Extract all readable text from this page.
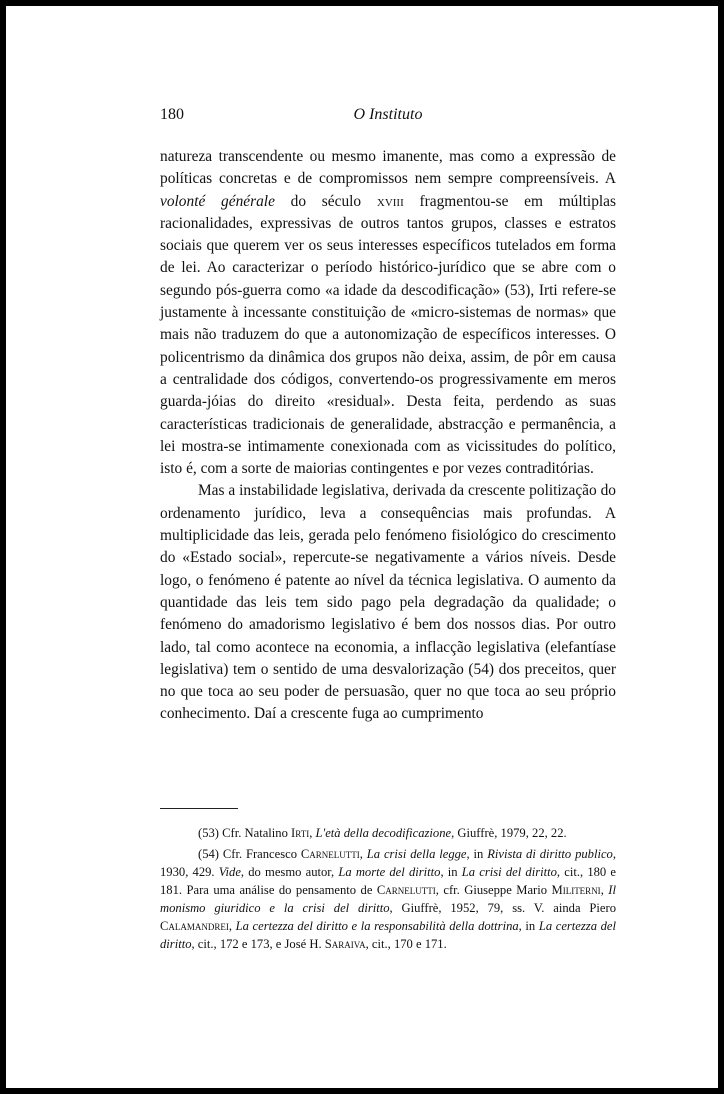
180	O Instituto

natureza transcendente ou mesmo imanente, mas como a expressão de políticas concretas e de compromissos nem sempre compreensíveis. A volonté générale do século xviii fragmentou-se em múltiplas racionalidades, expressivas de outros tantos grupos, classes e estratos sociais que querem ver os seus interesses específicos tutelados em forma de lei. Ao caracterizar o período histórico-jurídico que se abre com o segundo pós-guerra como «a idade da descodificação» (53), Irti refere-se justamente à incessante constituição de «micro-sistemas de normas» que mais não traduzem do que a autonomização de específicos interesses. O policentrismo da dinâmica dos grupos não deixa, assim, de pôr em causa a centralidade dos códigos, convertendo-os progressivamente em meros guarda-jóias do direito «residual». Desta feita, perdendo as suas características tradicionais de generalidade, abstracção e permanência, a lei mostra-se intimamente conexionada com as vicissitudes do político, isto é, com a sorte de maiorias contingentes e por vezes contraditórias.

Mas a instabilidade legislativa, derivada da crescente politização do ordenamento jurídico, leva a consequências mais profundas. A multiplicidade das leis, gerada pelo fenómeno fisiológico do crescimento do «Estado social», repercute-se negativamente a vários níveis. Desde logo, o fenómeno é patente ao nível da técnica legislativa. O aumento da quantidade das leis tem sido pago pela degradação da qualidade; o fenómeno do amadorismo legislativo é bem dos nossos dias. Por outro lado, tal como acontece na economia, a inflacção legislativa (elefantíase legislativa) tem o sentido de uma desvalorização (54) dos preceitos, quer no que toca ao seu poder de persuasão, quer no que toca ao seu próprio conhecimento. Daí a crescente fuga ao cumprimento

(53) Cfr. Natalino Irti, L'età della decodificazione, Giuffrè, 1979, 22, 22.

(54) Cfr. Francesco Carnelutti, La crisi della legge, in Rivista di diritto publico, 1930, 429. Vide, do mesmo autor, La morte del diritto, in La crisi del diritto, cit., 180 e 181. Para uma análise do pensamento de Carnelutti, cfr. Giuseppe Mario Militerni, Il monismo giuridico e la crisi del diritto, Giuffrè, 1952, 79, ss. V. ainda Piero Calamandrei, La certezza del diritto e la responsabilità della dottrina, in La certezza del diritto, cit., 172 e 173, e José H. Saraiva, cit., 170 e 171.
